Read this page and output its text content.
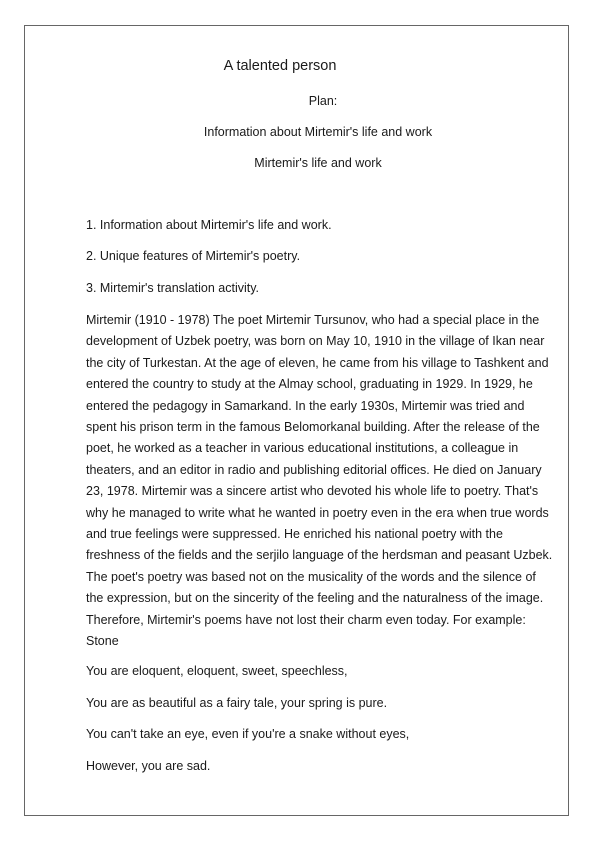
A talented person

Plan:

Information about Mirtemir's life and work

Mirtemir's life and work

1. Information about Mirtemir's life and work.

2. Unique features of Mirtemir's poetry.

3. Mirtemir's translation activity.

Mirtemir (1910 - 1978) The poet Mirtemir Tursunov, who had a special place in the development of Uzbek poetry, was born on May 10, 1910 in the village of Ikan near the city of Turkestan. At the age of eleven, he came from his village to Tashkent and entered the country to study at the Almay school, graduating in 1929. In 1929, he entered the pedagogy in Samarkand. In the early 1930s, Mirtemir was tried and spent his prison term in the famous Belomorkanal building. After the release of the poet, he worked as a teacher in various educational institutions, a colleague in theaters, and an editor in radio and publishing editorial offices. He died on January 23, 1978. Mirtemir was a sincere artist who devoted his whole life to poetry. That's why he managed to write what he wanted in poetry even in the era when true words and true feelings were suppressed. He enriched his national poetry with the freshness of the fields and the serjilo language of the herdsman and peasant Uzbek. The poet's poetry was based not on the musicality of the words and the silence of the expression, but on the sincerity of the feeling and the naturalness of the image. Therefore, Mirtemir's poems have not lost their charm even today. For example: Stone

You are eloquent, eloquent, sweet, speechless,

You are as beautiful as a fairy tale, your spring is pure.

You can't take an eye, even if you're a snake without eyes,

However, you are sad.
